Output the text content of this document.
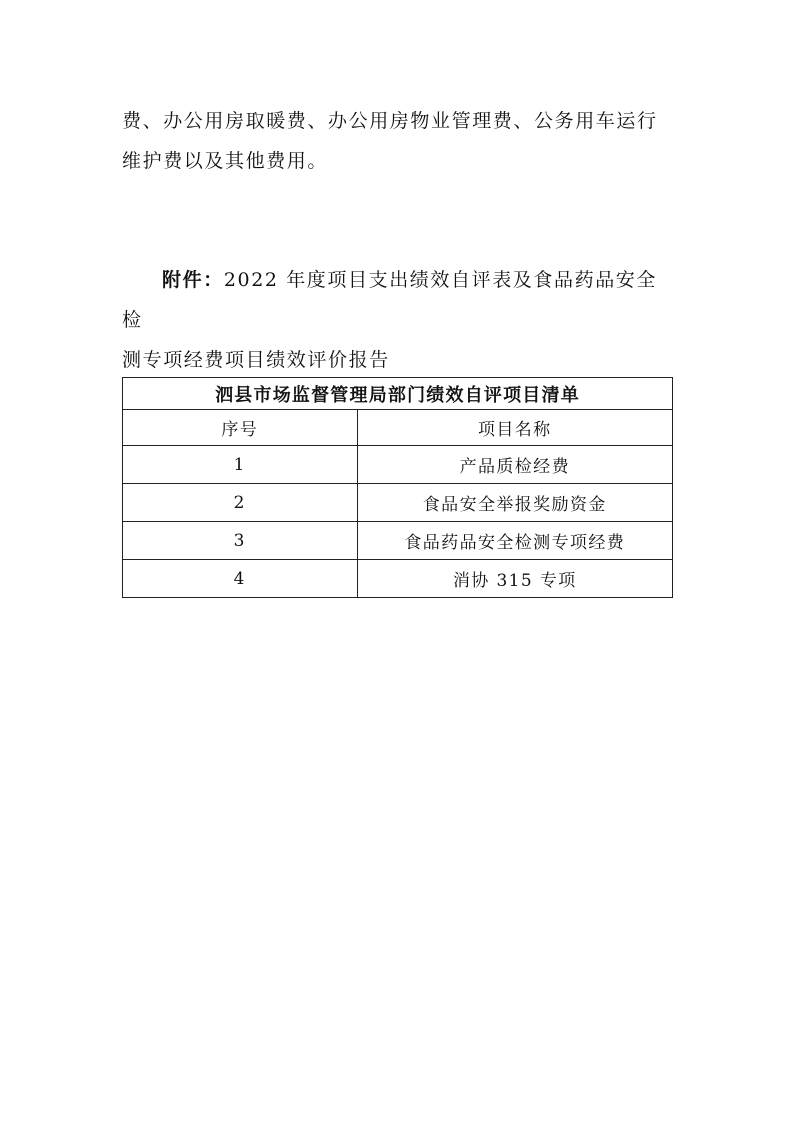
费、办公用房取暖费、办公用房物业管理费、公务用车运行
维护费以及其他费用。

附件：2022 年度项目支出绩效自评表及食品药品安全检
测专项经费项目绩效评价报告

泗县市场监督管理局部门绩效自评项目清单	
序号	项目名称
1	产品质检经费
2	食品安全举报奖励资金
3	食品药品安全检测专项经费
4	消协 315 专项
